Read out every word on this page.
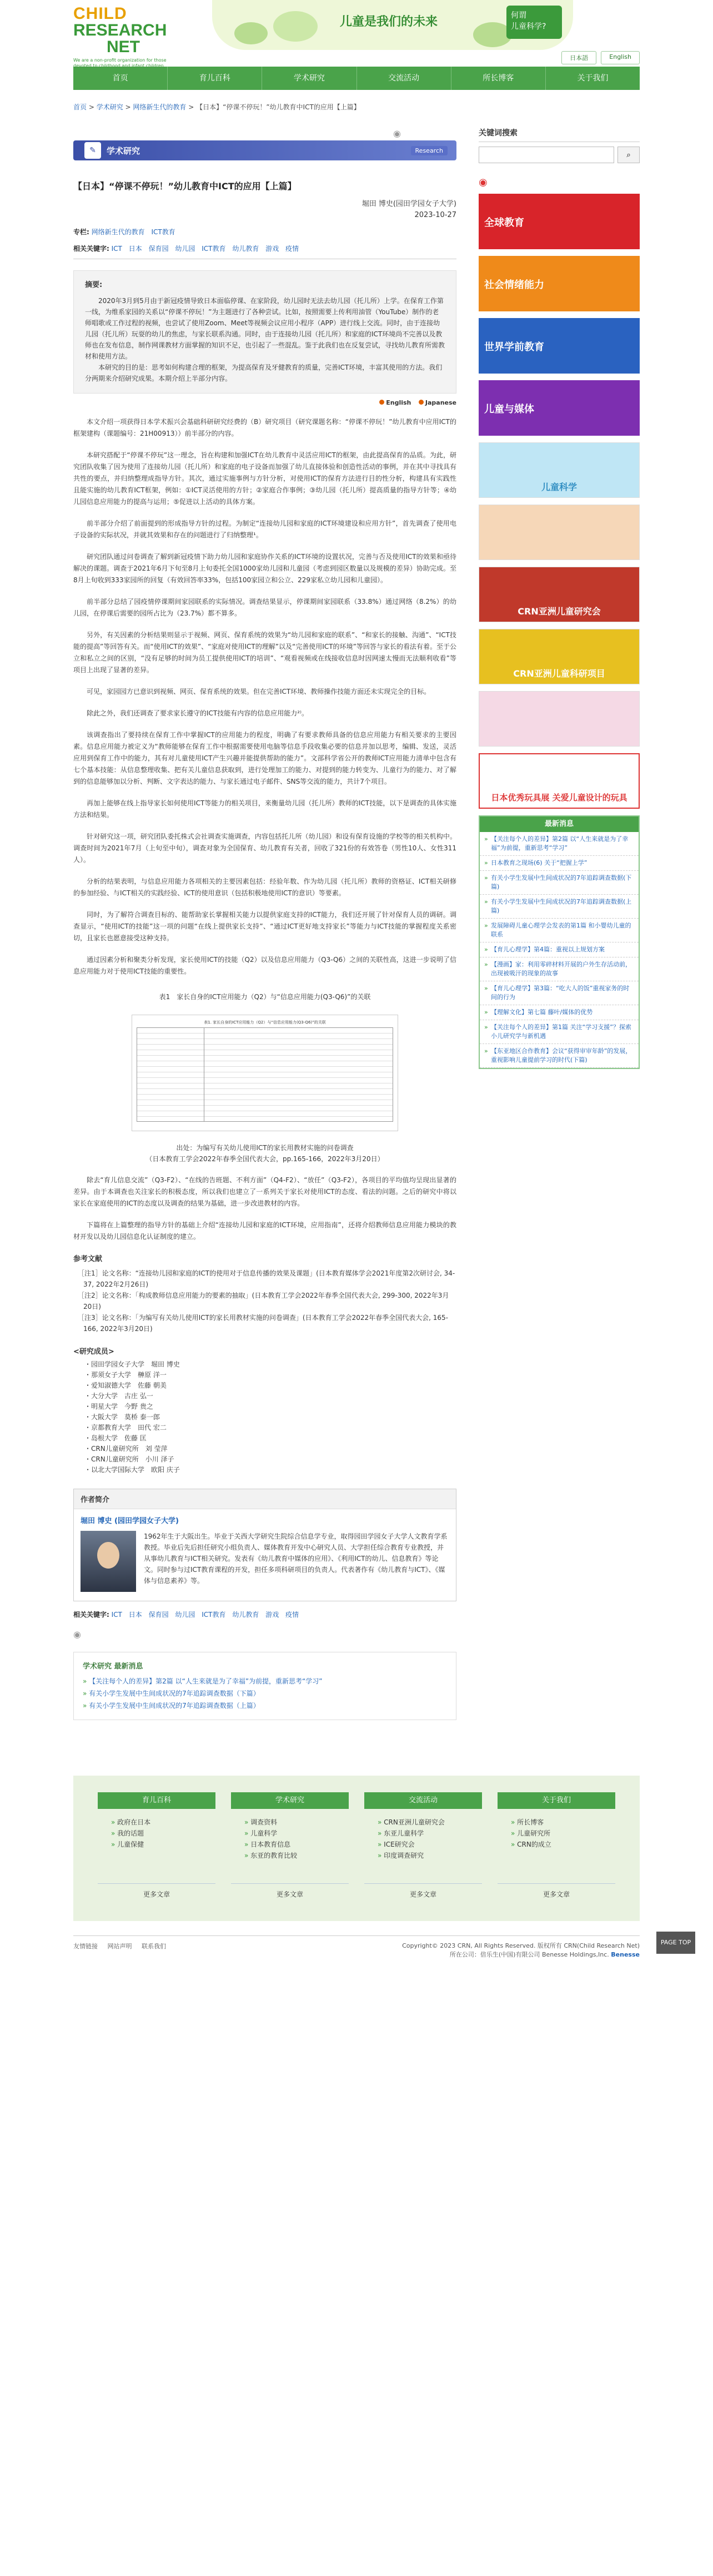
CHILD
RESEARCH
NET
We are a non-profit organization for those devoted to childhood and infant children.
儿童是我们的未来	何谓
儿童科学?
日本語	English
首页	育儿百科	学术研究	交流活动	所长博客	关于我们
首页 > 学术研究 > 网络新生代的教育 > 【日本】“停课不停玩！”幼儿教育中ICT的应用【上篇】
◉
✎	学术研究	Research
【日本】“停课不停玩！”幼儿教育中ICT的应用【上篇】
堀田 博史(园田学园女子大学)
2023-10-27
专栏: 网络新生代的教育 ICT教育
相关关键字: ICT 日本 保育园 幼儿园 ICT教育 幼儿教育 游戏 疫情
摘要:

2020年3月到5月由于新冠疫情导致日本面临停课、在家阶段，幼儿园时无法去幼儿园（托儿所）上学。在保育工作第一线，为维系家园的关系以“停课不停玩！”为主题进行了各种尝试。比如，按照需要上传利用油管（YouTube）制作的老师唱歌或工作过程的视频，也尝试了使用Zoom、Meet等视频会议应用小程序（APP）进行线上交流。同时，由于连接幼儿园（托儿所）玩耍的幼儿的焦虑，与家长联系沟通。同时，由于连接幼儿园（托儿所）和家庭的ICT环境尚不完善以及教师也在发布信息，制作网课教材方面掌握的知识不足，也引起了一些混乱。鉴于此我们也在反复尝试，寻找幼儿教育所需教材和使用方法。

本研究的目的是：思考如何构建合理的框架，为提高保育及牙健教育的质量，完善ICT环境，丰富其使用的方法。我们分两期来介绍研究成果。本期介绍上半部分内容。

English Japanese

本文介绍一项获得日本学术振兴会基础科研研究经费的（B）研究项目（研究课题名称：“停课不停玩！”幼儿教育中应用ICT的框架建构（课题编号：21H00913））前半部分的内容。

本研究搭配于“停课不停玩”这一理念，旨在构建和加强ICT在幼儿教育中灵活应用ICT的框架，由此提高保育的品质。为此，研究团队收集了因为使用了连接幼儿园（托儿所）和家庭的电子设备而加强了幼儿直接体验和创造性活动的事例，并在其中寻找具有共性的要点，并归纳整理成指导方针。其次，通过实施事例与方针分析，对使用ICT的保育方法进行目的性分析，构建具有实践性且能实施的幼儿教育ICT框架，例如：①ICT灵活使用的方针；②家庭合作事例；③幼儿园（托儿所）提高质量的指导方针等；④幼儿园信息应用能力的提高与运用；⑤促进以上活动的具体方案。

前半部分介绍了前面提到的形成指导方针的过程。为制定“连接幼儿园和家庭的ICT环境建设和应用方针”，首先调查了使用电子设备的实际状况，并就其效果和存在的问题进行了归纳整理¹。

研究团队通过问卷调查了解到新冠疫情下助力幼儿园和家庭协作关系的ICT环境的设置状况，完善与否及使用ICT的效果和亟待解决的课题。调查于2021年6月下旬至8月上旬委托全国1000家幼儿园和儿童园（考虑到园区数量以及规模的差异）协助完成。至8月上旬收到333家园所的回复（有效回答率33%，包括100家园立和公立、229家私立幼儿园和儿童园）。

前半部分总结了园疫情停课期间家园联系的实际情况。调查结果显示，停课期间家园联系（33.8%）通过网络（8.2%）的幼儿园，在停课后需要的园所占比为（23.7%）都不算多。

另外，有关因素的分析结果则显示于视频、网页、保育系统的效果为“幼儿园和家庭的联系”、“和家长的接触、沟通”、“ICT技能的提高”等回答有关。而“使用ICT的效果”、“家庭对使用ICT的理解”以及“完善使用ICT的环境”等回答与家长的看法有着。至于公立和私立之间的区别，“没有足够的时间为员工提供使用ICT的培训”、“观看视频或在线接收信息时因网速太慢而无法顺利收看”等项目上出现了显著的差异。

可见，家园园方已意识到视频、网页、保育系统的效果。但在完善ICT环境、教师操作技能方面还未实现完全的目标。

除此之外，我们还调查了要求家长遵守的ICT技能有内容的信息应用能力²⁾。

该调查指出了要持续在保育工作中掌握ICT的应用能力的程度，明确了有要求教师具备的信息应用能力有相关要求的主要因素。信息应用能力被定义为“教师能够在保育工作中根据需要使用电脑等信息手段收集必要的信息并加以思考，编辑、发送，灵活应用到保育工作中的能力，其有对儿童使用ICT产生兴趣并能提供帮助的能力”。文部科学省公开的教师ICT应用能力清单中包含有七个基本技能：从信息整理收集、把有关儿童信息获取到，进行处理加工的能力、对提到的能力转变为、儿童行为的能力、对了解到的信息能够加以分析、判断、文字表达的能力、与家长通过电子邮件、SNS等交流的能力，共计7个项目。

再加上能够在线上指导家长如何使用ICT等能力的相关项目，来衡量幼儿园（托儿所）教师的ICT技能，以下是调查的具体实施方法和结果。

针对研究这一项，研究团队委托株式会社调查实施调查，内容包括托儿所（幼儿园）和设有保育设施的学校等的相关机构中。调查时间为2021年7月（上旬至中旬），调查对象为全国保育、幼儿教育有关者，回收了321份的有效答卷（男性10人、女性311人）。

分析的结果表明，与信息应用能力各项相关的主要因素包括：经验年数、作为幼儿园（托儿所）教师的资格证、ICT相关研修的参加经验、与ICT相关的实践经验、ICT的使用意识（包括积极地使用ICT的意识）等要素。

同时，为了解符合调查目标的、能帮助家长掌握相关能力以提供家庭支持的ICT能力，我们还开展了针对保育人员的调研。调查显示，“使用ICT的技能”这一项的问题“在线上提供家长支持”、“通过ICT更好地支持家长”等能力与ICT技能的掌握程度关系密切，且家长也愿意接受这种支持。

通过因素分析和聚类分析发现，家长使用ICT的技能（Q2）以及信息应用能力（Q3-Q6）之间的关联性高，这进一步说明了信息应用能力对于使用ICT技能的重要性。

表1　家长自身的ICT应用能力（Q2）与“信息应用能力(Q3-Q6)”的关联
表1. 家长自身的ICT应用能力（Q2）与“信息应用能力(Q3-Q6)”的关联
出处：为编写有关幼儿使用ICT的家长用教材实施的问卷调查
（日本教育工学会2022年春季全国代表大会，pp.165-166，2022年3月20日）

除去“育儿信息交流”（Q3-F2）、“在线的告班题、不利方面”（Q4-F2）、“放任”（Q3-F2），各项目的平均值均呈现出显著的差异。由于本调查也关注家长的积极态度，所以我们也建立了一系列关于家长对使用ICT的态度、看法的问题。之后的研究中将以家长在家庭使用的ICT的态度以及调查的结果为基础，进一步改进教材的内容。

下篇将在上篇整理的指导方针的基础上介绍“连接幼儿园和家庭的ICT环境，应用指南”，还将介绍教师信息应用能力模块的教材开发以及幼儿园信息化认证制度的建立。

参考文献
［注1］论文名称：“连接幼儿园和家庭的ICT的使用对于信息传播的效果及课题」(日本教育媒体学会2021年度第2次研讨会, 34-37, 2022年2月26日)
［注2］论文名称：「构成教师信息应用能力的要素的抽取」(日本教育工学会2022年春季全国代表大会, 299-300, 2022年3月20日)
［注3］论文名称：「为编写有关幼儿使用ICT的家长用教材实施的问卷调查」(日本教育工学会2022年春季全国代表大会, 165-166, 2022年3月20日)
<研究成员>
・ 园田学园女子大学　堀田 博史
・ 那须女子大学　榊原 洋一
・ 爱知淑德大学　佐藤 朝美
・ 大分大学　古庄 弘一
・ 明星大学　今野 贵之
・ 大阪大学　莫桥 泰一郎
・ 京都教育大学　田代 宏二
・ 岛根大学　佐藤 匡
・ CRN儿童研究所　刘 莹萍
・ CRN儿童研究所　小川 泽子
・ 以北大学国际大学　欧阳 庆子
作者简介
堀田 博史 (园田学园女子大学)
1962年生于大阪出生。毕业于关西大学研究生院综合信息学专业，取得园田学园女子大学人文教育学系教授。毕业后先后担任研究小组负责人、媒体教育开发中心研究人员、大学担任综合教育专业教授，并从事幼儿教育与ICT相关研究。发表有《幼儿教育中媒体的应用》、《利用ICT的幼儿、信息教育》等论文。同时参与过ICT教育课程的开发，担任多项科研项目的负责人。代表著作有《幼儿教育与ICT》、《媒体与信息素养》等。
相关关键字: ICT 日本 保育园 幼儿园 ICT教育 幼儿教育 游戏 疫情
◉
学术研究 最新消息
» 【关注每个人的差异】第2篇 以“人生来就是为了幸福”为前提，重新思考“学习”
» 有关小学生发展中生间成状况的7年追踪调查数据（下篇）
» 有关小学生发展中生间成状况的7年追踪调查数据（上篇）
关键词搜索
⌕
◉
全球教育
社会情绪能力
世界学前教育
儿童与媒体
儿童科学
CRN亚洲儿童研究会
CRN亚洲儿童科研项目
日本优秀玩具展 关爱儿童设计的玩具
最新消息
» 【关注每个人的差异】第2篇 以“人生来就是为了幸福”为前提，重新思考“学习”
» 日本教育之现场(6) 关于“把握上学”
» 有关小学生发展中生间成状况的7年追踪调查数据(下篇)
» 有关小学生发展中生间成状况的7年追踪调查数据(上篇)
» 发展障碍儿童心理学会发表的第1篇 和小婴幼儿童的联系
» 【育儿心理学】第4篇：重视以上规划方案
» 【漫画】家：利用零碎材料开展的户外生存活动前，出现被吸汗的现象的故事
» 【育儿心理学】第3篇：“吃大人的饭”重视家务的时间的行为
» 【理解文化】第七篇 藤叶/媒体的优势
» 【关注每个人的差异】第1篇 关注“学习支援”？探索小儿研究学与新机遇
» 【东亚地区合作教育】会议“获得审审年龄”的发展，重视影响儿童提前学习的时代(下篇)
PAGE TOP
育儿百科
» 政府在日本
» 我的话题
» 儿童保健
更多文章
学术研究
» 调查资料
» 儿童科学
» 日本教育信息
» 东亚的教育比较
更多文章
交流活动
» CRN亚洲儿童研究会
» 东亚儿童科学
» ICE研究会
» 印度调查研究
更多文章
关于我们
» 所长博客
» 儿童研究所
» CRN的成立
更多文章
友情链接 网站声明 联系我们	Copyright© 2023 CRN, All Rights Reserved. 版权所有 CRN(Child Research Net)
所在公司：倍乐生(中国)有限公司 Benesse Holdings,Inc. Benesse
